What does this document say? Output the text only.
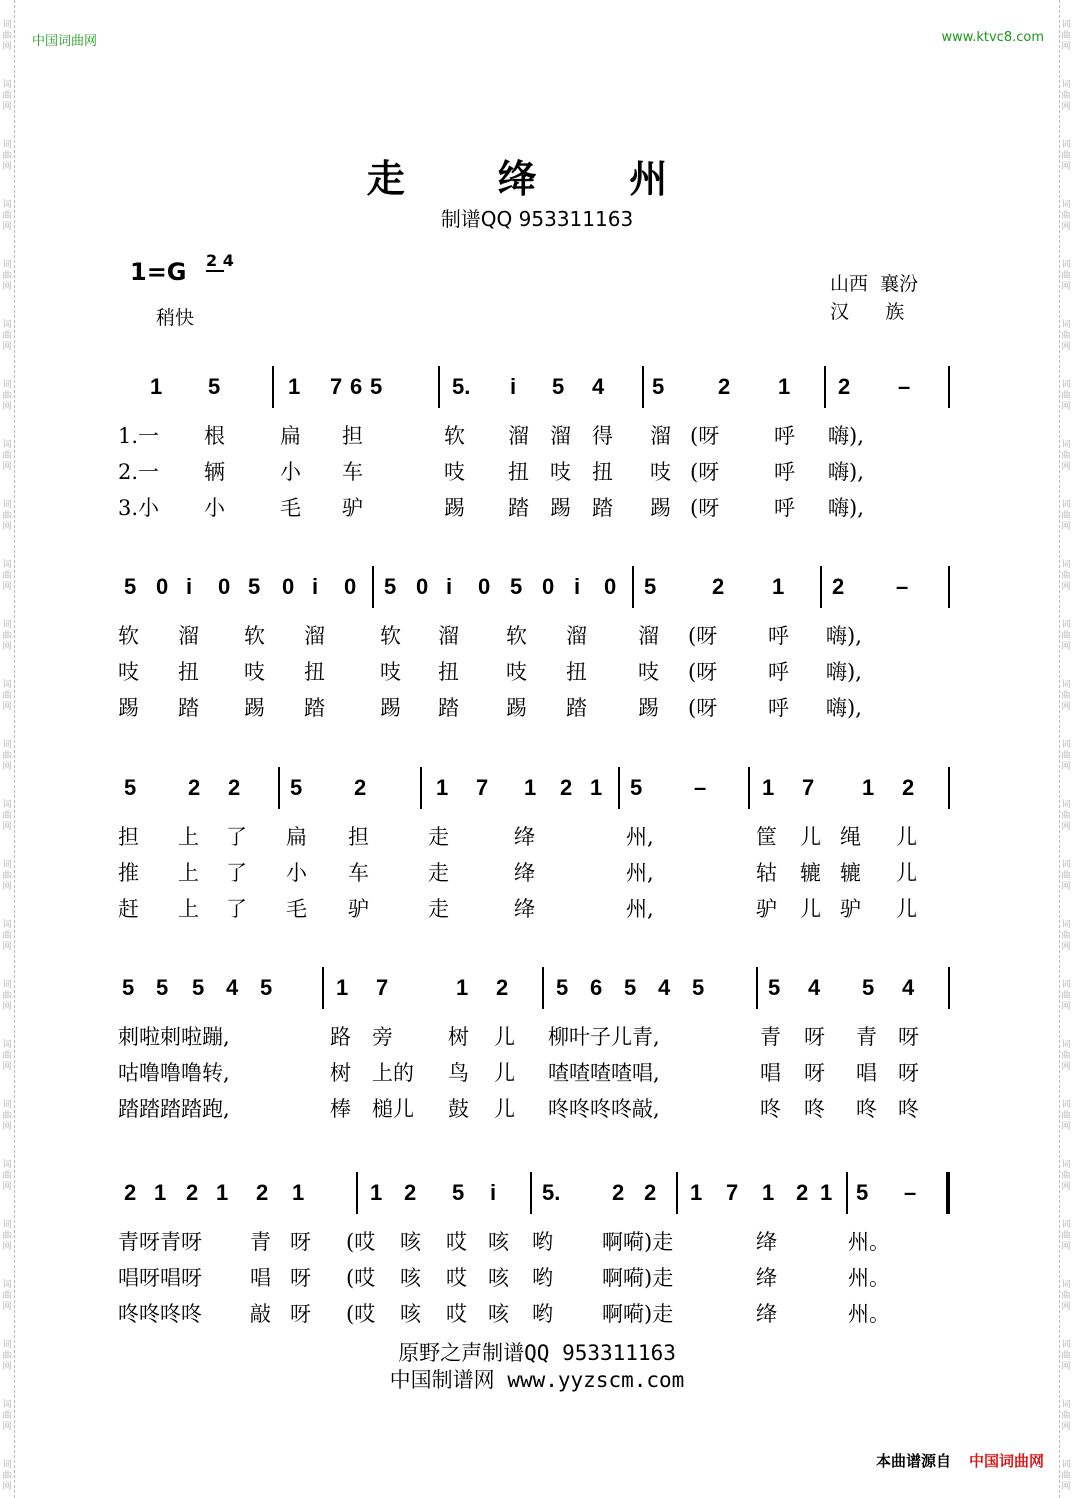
词
曲
网
词
曲
网
词
曲
网
词
曲
网
词
曲
网
词
曲
网
词
曲
网
词
曲
网
词
曲
网
词
曲
网
词
曲
网
词
曲
网
词
曲
网
词
曲
网
词
曲
网
词
曲
网
词
曲
网
词
曲
网
词
曲
网
词
曲
网
词
曲
网
词
曲
网
词
曲
网
词
曲
网
词
曲
网
词
曲
网
词
曲
网
词
曲
网
词
曲
网
词
曲
网
词
曲
网
词
曲
网
词
曲
网
词
曲
网
词
曲
网
词
曲
网
词
曲
网
词
曲
网
词
曲
网
词
曲
网
词
曲
网
词
曲
网
词
曲
网
词
曲
网
词
曲
网
词
曲
网
词
曲
网
词
曲
网
词
曲
网
词
曲
网
中国词曲网	www.ktvc8.com
走 绛 州
制谱QQ 953311163
1=G 2 4
稍快
山西  襄汾
汉      族
1 5	1 7 6 5	5. i 5 4 5 2 1 2 –
1.一 根	扁 担	软 溜 溜 得 溜 (呀	呼 嗨),
2.一 辆	小 车	吱 扭 吱 扭 吱 (呀	呼 嗨),
3.小 小	毛 驴	踢 踏 踢 踏 踢 (呀	呼 嗨),
5 0 i 0 5 0 i 0 5 0 i 0 5 0 i 0 5	2 1 2 –
软 溜 软 溜	软 溜 软 溜 溜 (呀 呼 嗨),
吱 扭 吱 扭	吱 扭 吱 扭 吱 (呀 呼 嗨),
踢 踏 踢 踏	踢 踏 踢 踏 踢 (呀 呼 嗨),
5 2 2 5 2	1 7 1 2 1 5 –	1 7 1 2
担 上 了 扁 担	走	绛	州,	筐 儿 绳 儿
推 上 了 小 车	走	绛	州,	轱 辘 辘 儿
赶 上 了 毛 驴	走	绛	州,	驴 儿 驴 儿
5 5 5 4 5	1 7	1 2 5 6 5 4 5	5 4 5 4
刺啦刺啦蹦,	路 旁	树 儿 柳叶子儿青,	青 呀 青 呀
咕噜噜噜转,	树 上的 鸟 儿 喳喳喳喳唱,	唱 呀 唱 呀
踏踏踏踏跑,	棒 槌儿 鼓 儿 咚咚咚咚敲,	咚 咚 咚 咚
2 1 2 1 2 1	1 2 5 i 5. 2 2 1 7 1 2 1 5 –
青呀青呀 青 呀 (哎 咳 哎 咳 哟 啊嗬)走	绛	州。
唱呀唱呀 唱 呀 (哎 咳 哎 咳 哟 啊嗬)走	绛	州。
咚咚咚咚 敲 呀 (哎 咳 哎 咳 哟 啊嗬)走	绛	州。
原野之声制谱QQ 953311163
中国制谱网 www.yyzscm.com
本曲谱源自 中国词曲网
